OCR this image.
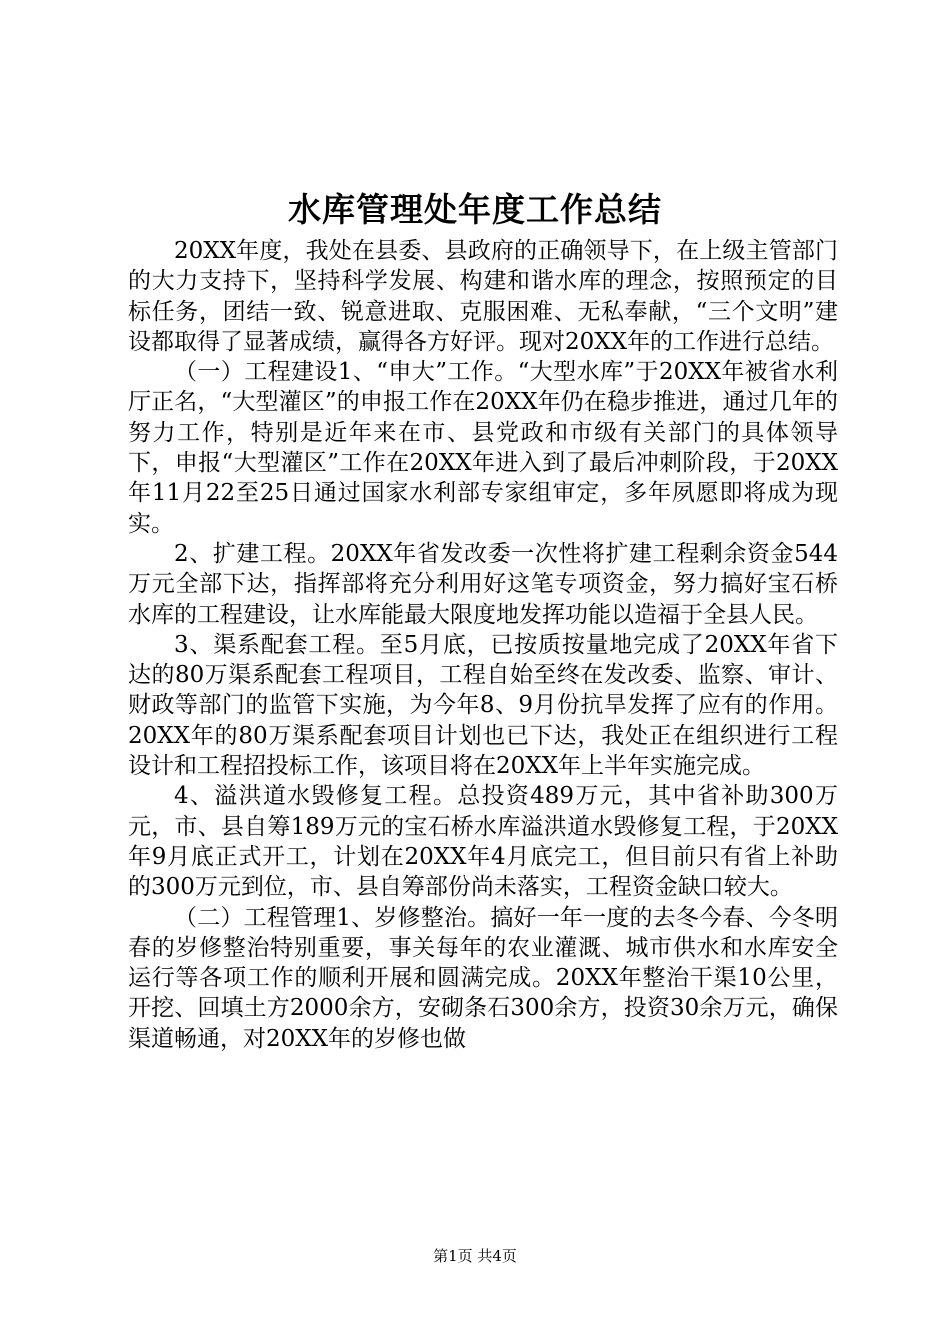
水库管理处年度工作总结

20XX年度，我处在县委、县政府的正确领导下，在上级主管部门的大力支持下，坚持科学发展、构建和谐水库的理念，按照预定的目标任务，团结一致、锐意进取、克服困难、无私奉献，“三个文明”建设都取得了显著成绩，赢得各方好评。现对20XX年的工作进行总结。

（一）工程建设1、“申大”工作。“大型水库”于20XX年被省水利厅正名，“大型灌区”的申报工作在20XX年仍在稳步推进，通过几年的努力工作，特别是近年来在市、县党政和市级有关部门的具体领导下，申报“大型灌区”工作在20XX年进入到了最后冲刺阶段，于20XX年11月22至25日通过国家水利部专家组审定，多年夙愿即将成为现实。

2、扩建工程。20XX年省发改委一次性将扩建工程剩余资金544万元全部下达，指挥部将充分利用好这笔专项资金，努力搞好宝石桥水库的工程建设，让水库能最大限度地发挥功能以造福于全县人民。

3、渠系配套工程。至5月底，已按质按量地完成了20XX年省下达的80万渠系配套工程项目，工程自始至终在发改委、监察、审计、财政等部门的监管下实施，为今年8、9月份抗旱发挥了应有的作用。20XX年的80万渠系配套项目计划也已下达，我处正在组织进行工程设计和工程招投标工作，该项目将在20XX年上半年实施完成。

4、溢洪道水毁修复工程。总投资489万元，其中省补助300万元，市、县自筹189万元的宝石桥水库溢洪道水毁修复工程，于20XX年9月底正式开工，计划在20XX年4月底完工，但目前只有省上补助的300万元到位，市、县自筹部份尚未落实，工程资金缺口较大。

（二）工程管理1、岁修整治。搞好一年一度的去冬今春、今冬明春的岁修整治特别重要，事关每年的农业灌溉、城市供水和水库安全运行等各项工作的顺利开展和圆满完成。20XX年整治干渠10公里，开挖、回填土方2000余方，安砌条石300余方，投资30余万元，确保渠道畅通，对20XX年的岁修也做

第1页 共4页
